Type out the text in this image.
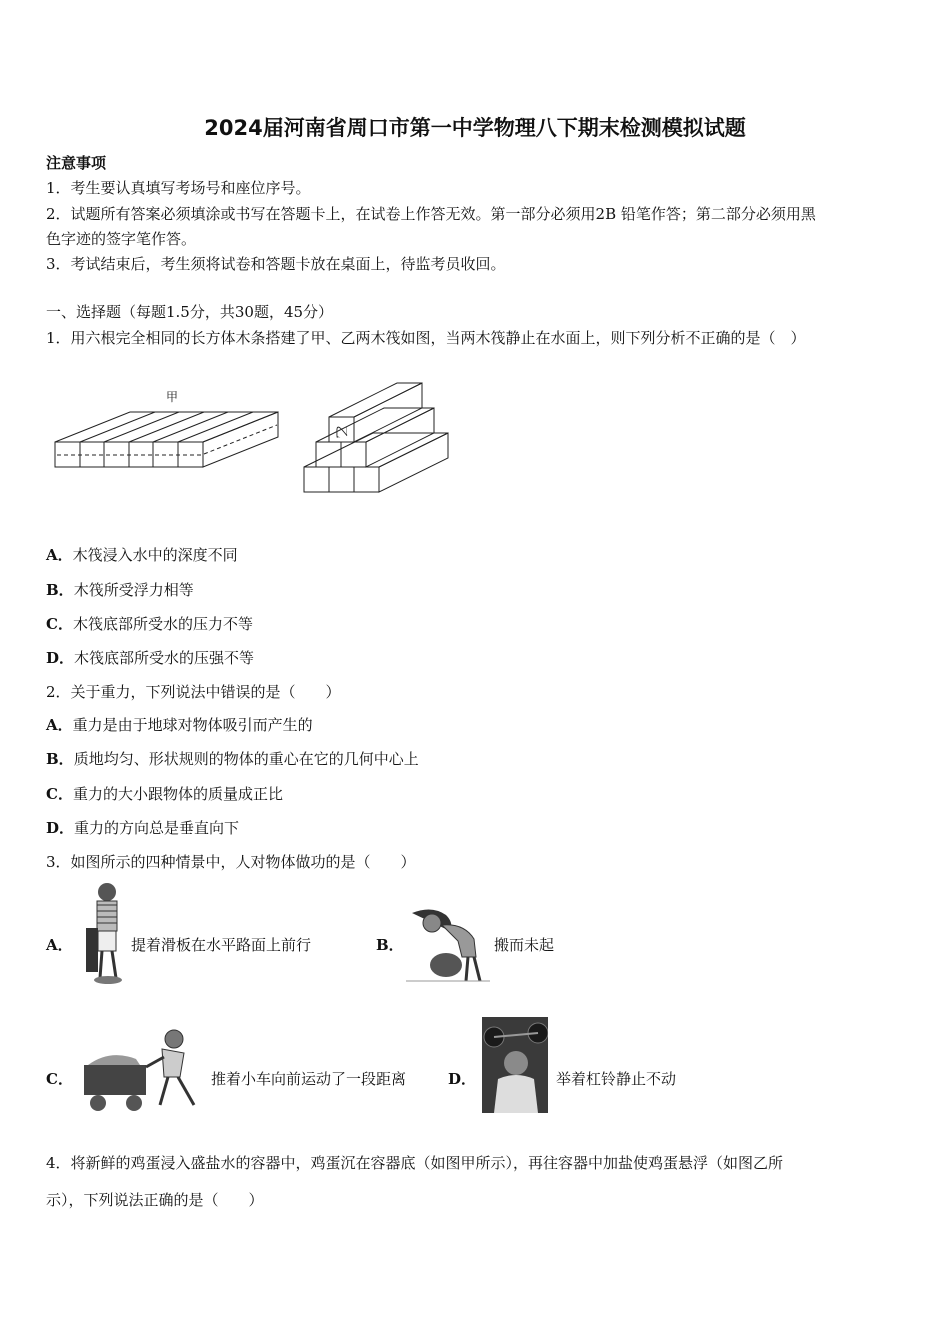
2024届河南省周口市第一中学物理八下期末检测模拟试题
注意事项
1．考生要认真填写考场号和座位序号。
2．试题所有答案必须填涂或书写在答题卡上，在试卷上作答无效。第一部分必须用2B 铅笔作答；第二部分必须用黑
色字迹的签字笔作答。
3．考试结束后，考生须将试卷和答题卡放在桌面上，待监考员收回。
一、选择题（每题1.5分，共30题，45分）
1．用六根完全相同的长方体木条搭建了甲、乙两木筏如图，当两木筏静止在水面上，则下列分析不正确的是（　）
甲
乙
A．木筏浸入水中的深度不同
B．木筏所受浮力相等
C．木筏底部所受水的压力不等
D．木筏底部所受水的压强不等
2．关于重力，下列说法中错误的是（　　）
A．重力是由于地球对物体吸引而产生的
B．质地均匀、形状规则的物体的重心在它的几何中心上
C．重力的大小跟物体的质量成正比
D．重力的方向总是垂直向下
3．如图所示的四种情景中，人对物体做功的是（　　）
A．	提着滑板在水平路面上前行	B．	搬而未起
C．	推着小车向前运动了一段距离	D．	举着杠铃静止不动
4．将新鲜的鸡蛋浸入盛盐水的容器中，鸡蛋沉在容器底（如图甲所示），再往容器中加盐使鸡蛋悬浮（如图乙所
示），下列说法正确的是（　　）
